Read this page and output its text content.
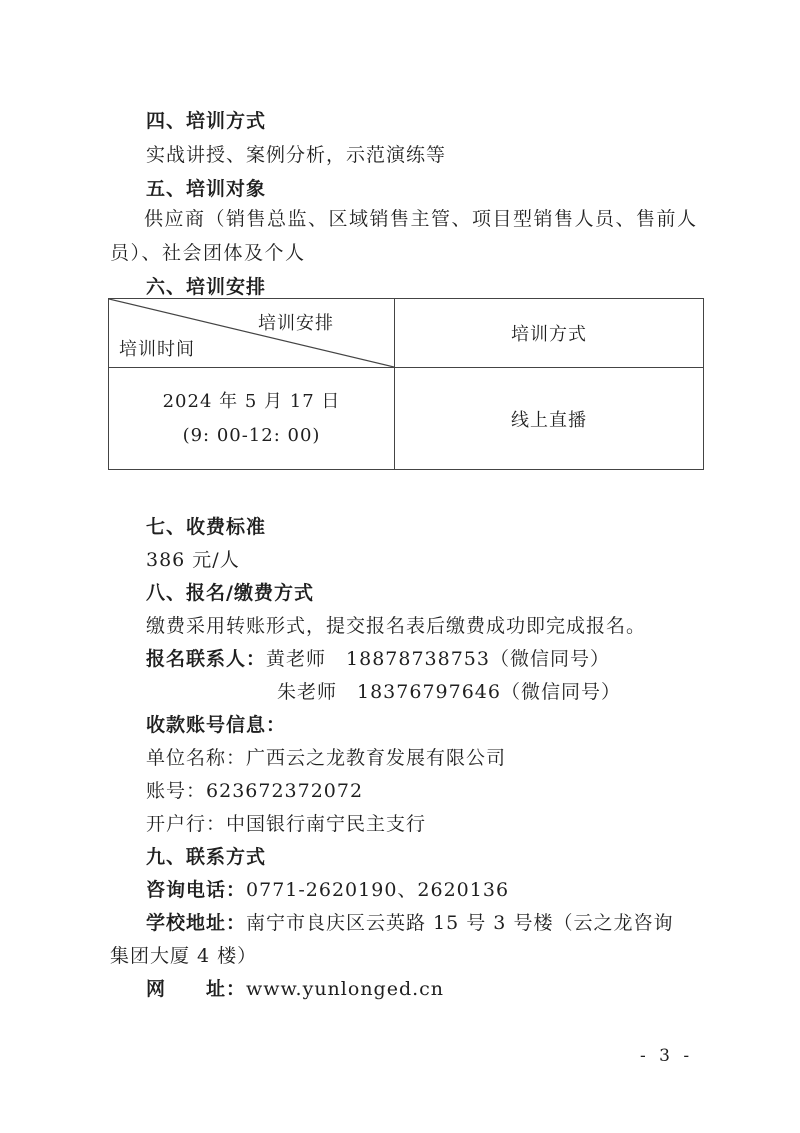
四、培训方式
实战讲授、案例分析，示范演练等
五、培训对象
供应商（销售总监、区域销售主管、项目型销售人员、售前人员）、社会团体及个人
六、培训安排
培训安排
培训时间	培训方式

2024 年 5 月 17 日
(9: 00-12: 00)	线上直播
七、收费标准
386 元/人
八、报名/缴费方式
缴费采用转账形式，提交报名表后缴费成功即完成报名。
报名联系人：黄老师　18878738753（微信同号）
朱老师　18376797646（微信同号）
收款账号信息：
单位名称：广西云之龙教育发展有限公司
账号：623672372072
开户行：中国银行南宁民主支行
九、联系方式
咨询电话：0771-2620190、2620136
学校地址：南宁市良庆区云英路 15 号 3 号楼（云之龙咨询
集团大厦 4 楼）
网　　址：www.yunlonged.cn
- 3 -
